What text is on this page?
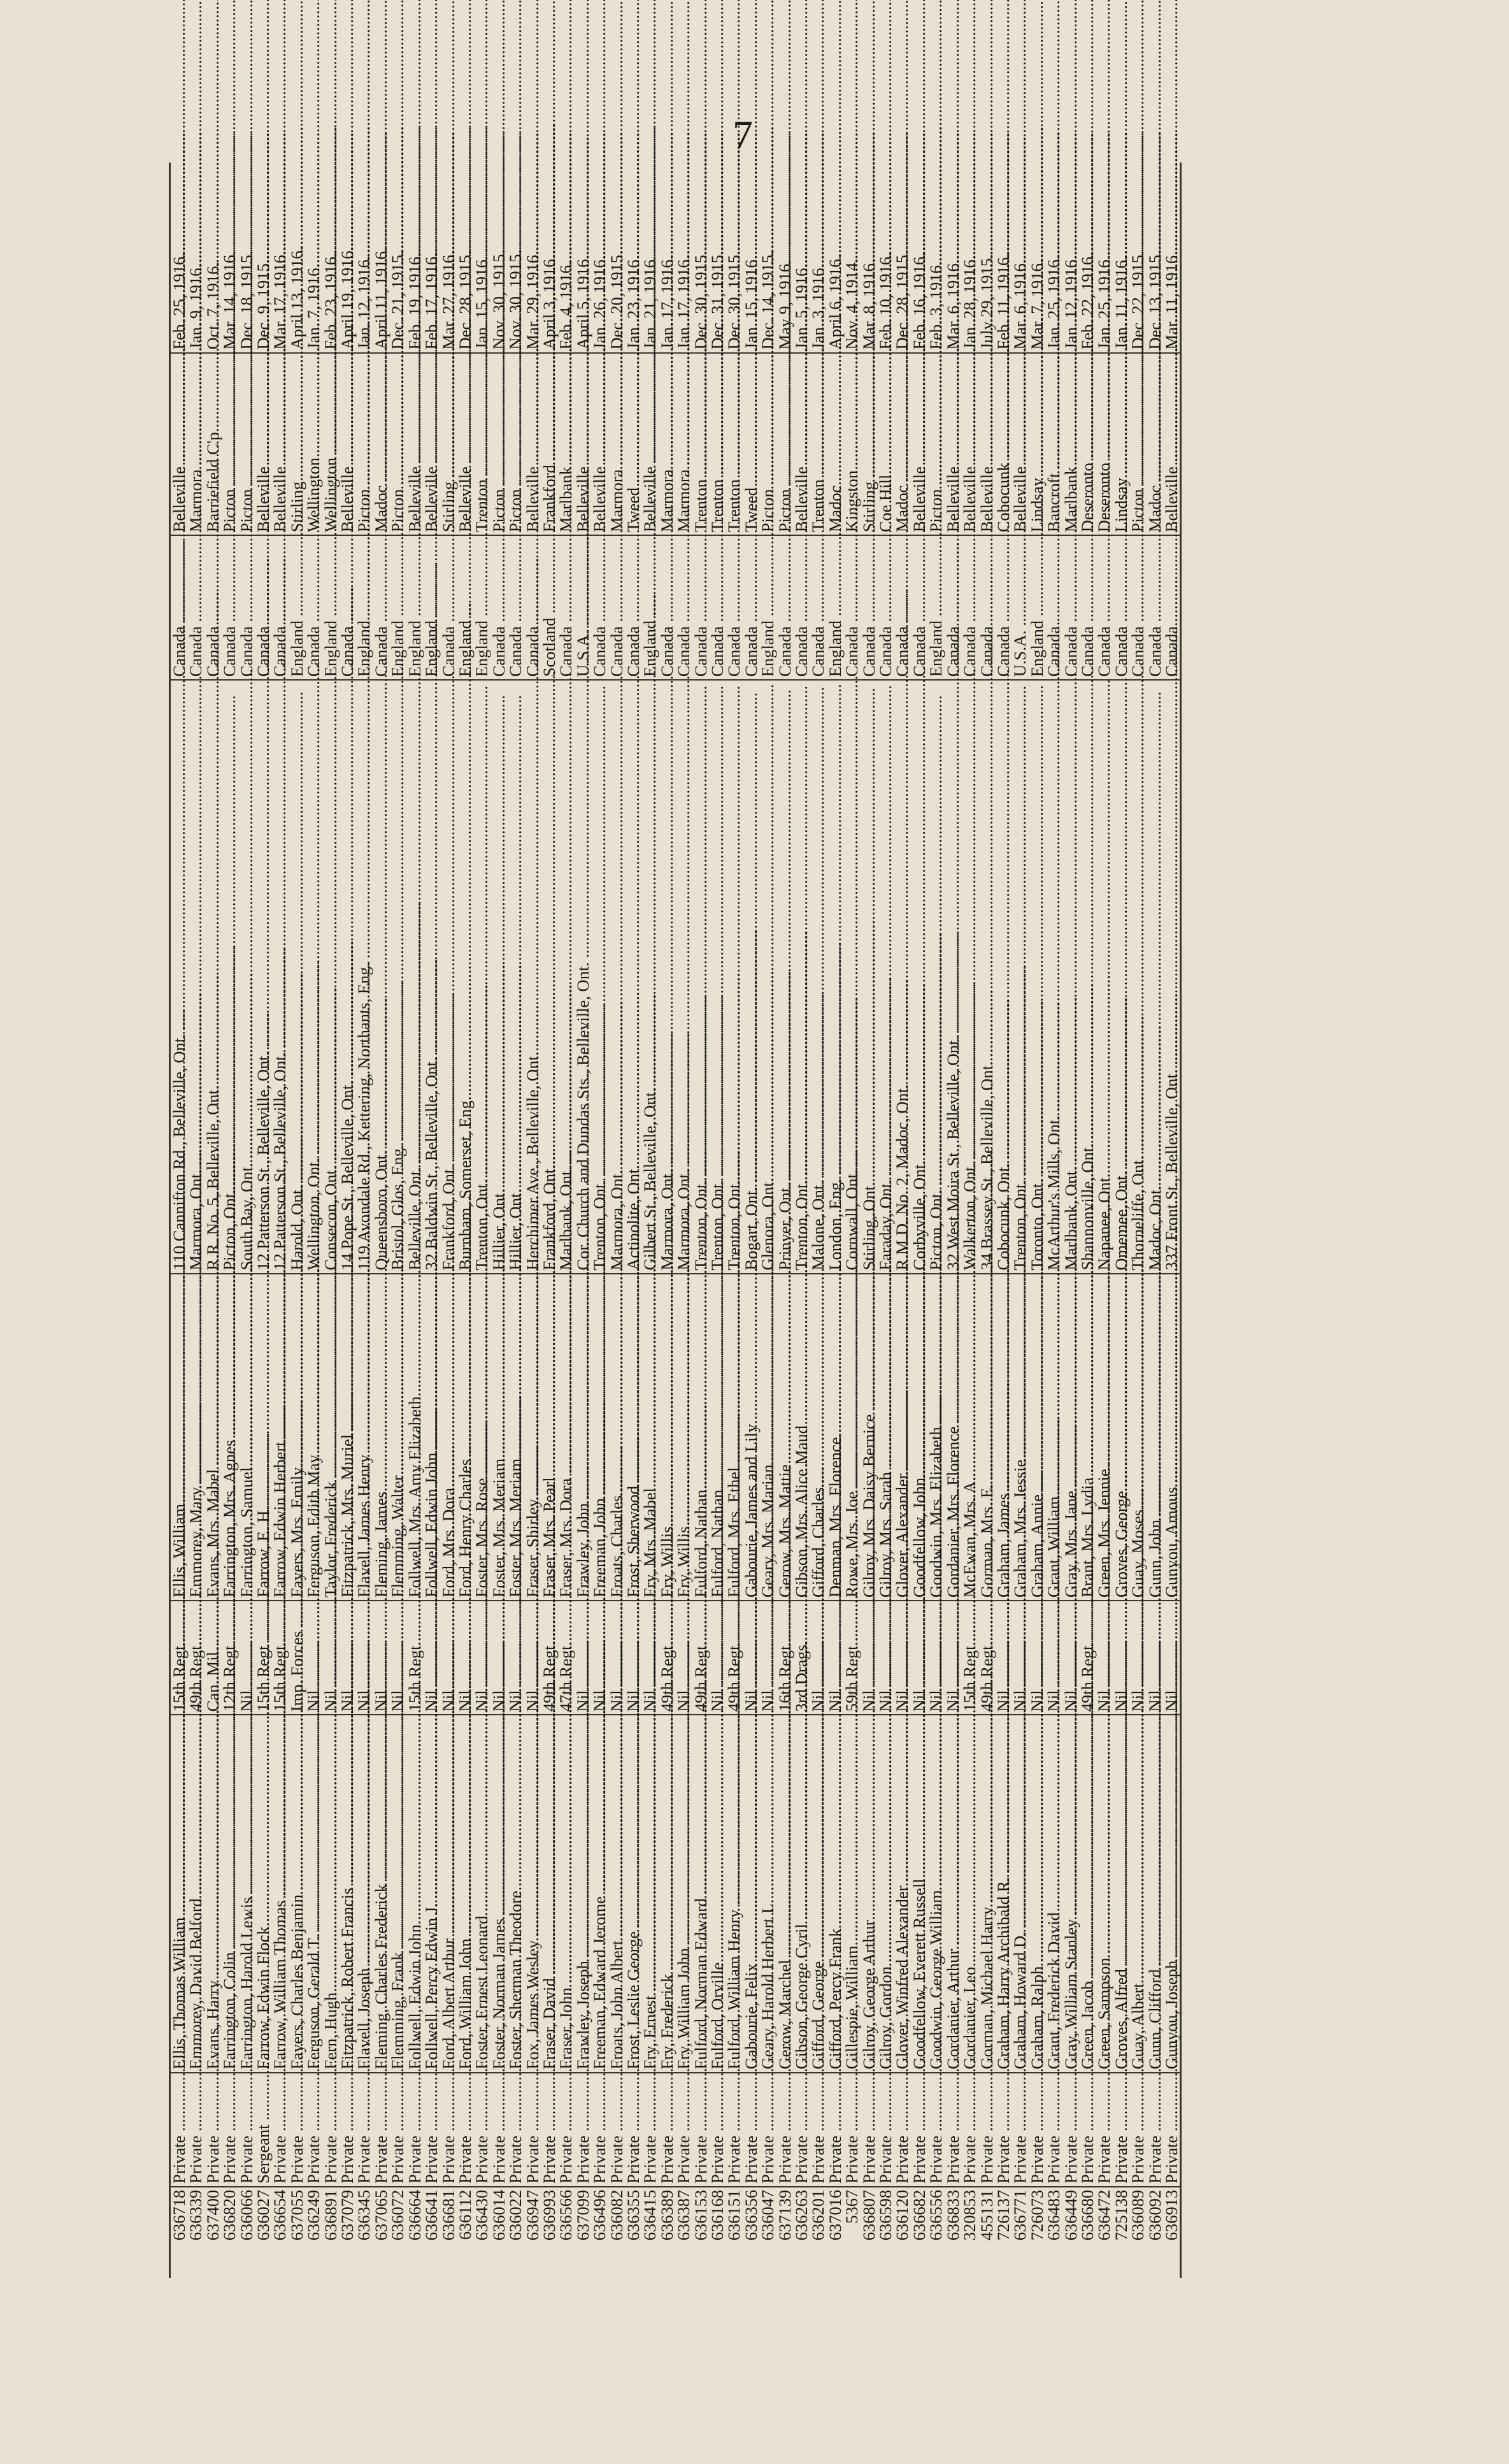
7
636718	Private .....	Ellis, Thomas William .....	15th Regt .....	Ellis, William .....	110 Cannifton Rd., Belleville, Ont. .....	Canada .....	Belleville .....	Feb. 25, 1916.
636339	Private .....	Emmorey, David Belford .....	49th Regt .....	Emmorey, Mary .....	Marmora, Ont. .....	Canada .....	Marmora .....	Jan. 9, 1916.
637400	Private .....	Evans, Harry .....	Can. Mil. .....	Evans, Mrs. Mabel .....	R.R. No. 5, Belleville, Ont. .....	Canada .....	Barriefield C'p .....	Oct. 7, 1916.
636820	Private .....	Farrington, Colin .....	12th Regt .....	Farrington, Mrs. Agnes .....	Picton, Ont. .....	Canada .....	Picton .....	Mar. 14, 1916.
636066	Private .....	Farrington, Harold Lewis .....	Nil .....	Farrington, Samuel .....	South Bay, Ont. .....	Canada .....	Picton .....	Dec. 18, 1915.
636027	Sergeant .....	Farrow, Edwin Flock .....	15th Regt .....	Farrow, E. H. .....	12 Patterson St., Belleville, Ont. .....	Canada .....	Belleville .....	Dec. 9, 1915.
636654	Private .....	Farrow, William Thomas .....	15th Regt .....	Farrow, Edwin Herbert .....	12 Patterson St., Belleville, Ont. .....	Canada .....	Belleville .....	Mar. 17, 1916.
637055	Private .....	Fayers, Charles Benjamin .....	Imp. Forces .....	Fayers, Mrs. Emily .....	Harold, Ont. .....	England .....	Stirling .....	April 13, 1916.
636249	Private .....	Ferguson, Gerald T. .....	Nil .....	Ferguson, Edith May .....	Wellington, Ont. .....	Canada .....	Wellington .....	Jan. 7, 1916.
636891	Private .....	Fern, Hugh .....	Nil .....	Taylor, Frederick .....	Consecon, Ont. .....	England .....	Wellington .....	Feb. 23, 1916.
637079	Private .....	Fitzpatrick, Robert Francis .....	Nil .....	Fitzpatrick, Mrs. Muriel .....	14 Pope St., Belleville, Ont. .....	Canada .....	Belleville .....	April 19, 1916.
636345	Private .....	Flavell, Joseph .....	Nil .....	Flavell, James Henry .....	119 Avondale Rd., Kettering, Northants, Eng. .....	England .....	Picton .....	Jan. 12, 1916.
637065	Private .....	Fleming, Charles Frederick .....	Nil .....	Fleming, James .....	Queensboro, Ont. .....	Canada .....	Madoc .....	April 11, 1916.
636072	Private .....	Flemming, Frank .....	Nil .....	Flemming, Walter .....	Bristol, Glos, Eng. .....	England .....	Picton .....	Dec. 21, 1915.
636664	Private .....	Follwell, Edwin John .....	15th Regt .....	Follwell, Mrs. Amy Elizabeth .....	Belleville, Ont. .....	England .....	Belleville .....	Feb. 19, 1916.
636641	Private .....	Follwell, Percy Edwin J. .....	Nil .....	Follwell, Edwin John .....	32 Baldwin St., Belleville, Ont. .....	England .....	Belleville .....	Feb. 17, 1916.
636681	Private .....	Ford, Albert Arthur .....	Nil .....	Ford, Mrs. Dora .....	Frankford, Ont. .....	Canada .....	Stirling .....	Mar. 27, 1916.
636112	Private .....	Ford, William John .....	Nil .....	Ford, Henry Charles .....	Burnham, Somerset, Eng. .....	England .....	Belleville .....	Dec. 28, 1915.
636430	Private .....	Foster, Ernest Leonard .....	Nil .....	Foster, Mrs. Rose .....	Trenton, Ont. .....	England .....	Trenton .....	Jan. 15, 1916.
636014	Private .....	Foster, Norman James .....	Nil .....	Foster, Mrs. Meriam .....	Hillier, Ont. .....	Canada .....	Picton .....	Nov. 30, 1915.
636022	Private .....	Foster, Sherman Theodore .....	Nil .....	Foster, Mrs. Meriam .....	Hillier, Ont. .....	Canada .....	Picton .....	Nov. 30, 1915.
636947	Private .....	Fox, James Wesley .....	Nil .....	Fraser, Shirley .....	Herchimer Ave., Belleville, Ont. .....	Canada .....	Belleville .....	Mar. 29, 1916.
636993	Private .....	Fraser, David .....	49th Regt .....	Fraser, Mrs. Pearl .....	Frankford, Ont. .....	Scotland .....	Frankford .....	April 3, 1916.
636566	Private .....	Fraser, John .....	47th Regt .....	Fraser, Mrs. Dora .....	Marlbank, Ont. .....	Canada .....	Marlbank .....	Feb. 4, 1916.
637099	Private .....	Frawley, Joseph .....	Nil .....	Frawley, John .....	Cor. Church and Dundas Sts., Belleville, Ont. .....	U.S.A. .....	Belleville .....	April 5, 1916.
636496	Private .....	Freeman, Edward Jerome .....	Nil .....	Freeman, John .....	Trenton, Ont. .....	Canada .....	Belleville .....	Jan. 26, 1916.
636082	Private .....	Froats, John Albert .....	Nil .....	Froats, Charles .....	Marmora, Ont. .....	Canada .....	Marmora .....	Dec. 20, 1915.
636355	Private .....	Frost, Leslie George .....	Nil .....	Frost, Sherwood .....	Actinolite, Ont. .....	Canada .....	Tweed .....	Jan. 23, 1916.
636415	Private .....	Fry, Ernest .....	Nil .....	Fry, Mrs. Mabel .....	Gilbert St., Belleville, Ont. .....	England .....	Belleville .....	Jan. 21, 1916.
636389	Private .....	Fry, Frederick .....	49th Regt .....	Fry, Willis .....	Marmora, Ont. .....	Canada .....	Marmora .....	Jan. 17, 1916.
636387	Private .....	Fry, William John .....	Nil .....	Fry, Willis .....	Marmora, Ont. .....	Canada .....	Marmora .....	Jan. 17, 1916.
636153	Private .....	Fulford, Norman Edward .....	49th Regt .....	Fulford, Nathan .....	Trenton, Ont. .....	Canada .....	Trenton .....	Dec. 30, 1915.
636168	Private .....	Fulford, Orville .....	Nil .....	Fulford, Nathan .....	Trenton, Ont. .....	Canada .....	Trenton .....	Dec. 31, 1915.
636151	Private .....	Fulford, William Henry .....	49th Regt .....	Fulford, Mrs. Ethel .....	Trenton, Ont. .....	Canada .....	Trenton .....	Dec. 30, 1915.
636356	Private .....	Gabourie, Felix .....	Nil .....	Gabourie, James and Lily .....	Bogart, Ont. .....	Canada .....	Tweed .....	Jan. 15, 1916.
636047	Private .....	Geary, Harold Herbert L. .....	Nil .....	Geary, Mrs. Marian .....	Glenora, Ont. .....	England .....	Picton .....	Dec. 14, 1915.
637139	Private .....	Gerow, Marchel .....	16th Regt .....	Gerow, Mrs. Mattie .....	Prinyer, Ont. .....	Canada .....	Picton .....	May 9, 1916.
636263	Private .....	Gibson, George Cyril .....	3rd Drags. .....	Gibson, Mrs. Alice Maud .....	Trenton, Ont. .....	Canada .....	Belleville .....	Jan. 5, 1916.
636201	Private .....	Gifford, George .....	Nil .....	Gifford, Charles .....	Malone, Ont. .....	Canada .....	Trenton .....	Jan. 3, 1916.
637016	Private .....	Gifford, Percy Frank .....	Nil .....	Denman, Mrs. Florence .....	London, Eng. .....	England .....	Madoc .....	April 6, 1916.
5367	Private .....	Gillespie, William .....	59th Regt .....	Rowe, Mrs. Joe .....	Cornwall, Ont. .....	Canada .....	Kingston .....	Nov. 4, 1914.
636807	Private .....	Gilroy, George Arthur .....	Nil .....	Gilroy, Mrs. Daisy Bernice .....	Stirling, Ont. .....	Canada .....	Stirling .....	Mar. 8, 1916.
636598	Private .....	Gilroy, Gordon .....	Nil .....	Gilroy, Mrs. Sarah .....	Faraday, Ont. .....	Canada .....	Coe Hill .....	Feb. 10, 1916.
636120	Private .....	Glover, Winfred Alexander .....	Nil .....	Glover, Alexander .....	R.M.D. No. 2, Madoc, Ont. .....	Canada .....	Madoc .....	Dec. 28, 1915.
636682	Private .....	Goodfellow, Everett Russell .....	Nil .....	Goodfellow, John .....	Corbyville, Ont. .....	Canada .....	Belleville .....	Feb. 16, 1916.
636556	Private .....	Goodwin, George William .....	Nil .....	Goodwin, Mrs. Elizabeth .....	Picton, Ont. .....	England .....	Picton .....	Feb. 3, 1916.
636833	Private .....	Gordanier, Arthur .....	Nil .....	Gordanier, Mrs. Florence .....	32 West Moira St., Belleville, Ont. .....	Canada .....	Belleville .....	Mar. 6, 1916.
320853	Private .....	Gordanier, Leo .....	15th Regt .....	McEwan, Mrs. A. .....	Walkerton, Ont. .....	Canada .....	Belleville .....	Jan. 28, 1916.
455131	Private .....	Gorman, Michael Harry .....	49th Regt .....	Gorman, Mrs. E. .....	34 Brassey St., Belleville, Ont. .....	Canada .....	Belleville .....	July 29, 1915.
726137	Private .....	Graham, Harry Archibald R. .....	Nil .....	Graham, James .....	Cobocunk, Ont. .....	Canada .....	Cobocunk .....	Feb. 11, 1916.
636771	Private .....	Graham, Howard D. .....	Nil .....	Graham, Mrs. Jessie .....	Trenton, Ont. .....	U.S.A. .....	Belleville .....	Mar. 6, 1916.
726073	Private .....	Graham, Ralph .....	Nil .....	Graham, Annie .....	Toronto, Ont. .....	England .....	Lindsay .....	Mar. 7, 1916.
636483	Private .....	Grant, Frederick David .....	Nil .....	Grant, William .....	McArthur's Mills, Ont. .....	Canada .....	Bancroft .....	Jan. 25, 1916.
636449	Private .....	Gray, William Stanley .....	Nil .....	Gray, Mrs. Jane .....	Marlbank, Ont. .....	Canada .....	Marlbank .....	Jan. 12, 1916.
636680	Private .....	Green, Jacob .....	49th Regt .....	Brant, Mrs. Lydia .....	Shannonville, Ont. .....	Canada .....	Deseronto .....	Feb. 22, 1916.
636472	Private .....	Green, Sampson .....	Nil .....	Green, Mrs. Jennie .....	Napanee, Ont. .....	Canada .....	Deseronto .....	Jan. 25, 1916.
725138	Private .....	Groves, Alfred .....	Nil .....	Groves, George .....	Omemee, Ont. .....	Canada .....	Lindsay .....	Jan. 11, 1916.
636089	Private .....	Guay, Albert .....	Nil .....	Guay, Moses .....	Thorneliffe, Ont. .....	Canada .....	Picton .....	Dec. 22, 1915.
636092	Private .....	Gunn, Clifford .....	Nil .....	Gunn, John .....	Madoc, Ont. .....	Canada .....	Madoc .....	Dec. 13, 1915.
636913	Private .....	Gunyou, Joseph .....	Nil .....	Gunyou, Amous .....	337 Front St., Belleville, Ont. .....	Canada .....	Belleville .....	Mar. 11, 1916.
